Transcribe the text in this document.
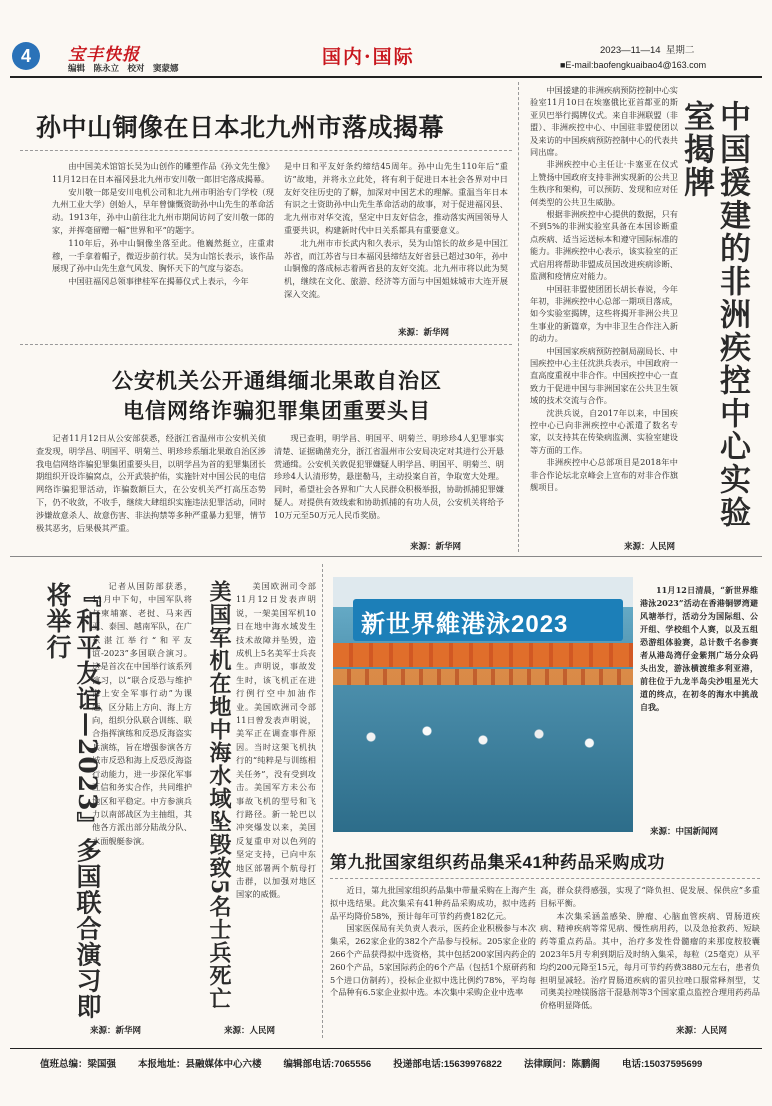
4	宝丰快报
编辑　陈永立　校对　窦蒙娜	国内·国际	2023—11—14 星期二
■E-mail:baofengkuaibao4@163.com
孙中山铜像在日本北九州市落成揭幕

由中国美术馆馆长吴为山创作的雕塑作品《孙文先生像》11月12日在日本福冈县北九州市安川敬一郎旧宅落成揭幕。

安川敬一郎是安川电机公司和北九州市明治专门学校（现九州工业大学）创始人，早年曾慷慨资助孙中山先生的革命活动。1913年，孙中山前往北九州市期间访问了安川敬一郎的家，并挥毫留赠一幅“世界和平”的题字。

110年后，孙中山铜像坐落至此。他巍然挺立，庄重肃穆，一手拿着帽子，微迈步前行状。吴为山馆长表示，该作品展现了孙中山先生意气风发、胸怀天下的气度与姿态。

中国驻福冈总领事律桂军在揭幕仪式上表示，今年

是中日和平友好条约缔结45周年。孙中山先生110年后“重访”故地，并将永立此处，将有利于促进日本社会各界对中日友好交往历史的了解，加深对中国艺术的理解。重温当年日本有识之士资助孙中山先生革命活动的故事，对于促进福冈县、北九州市对华交流，坚定中日友好信念，推动落实两国领导人重要共识，构建新时代中日关系都具有重要意义。

北九州市市长武内和久表示，吴为山馆长的故乡是中国江苏省，而江苏省与日本福冈县缔结友好省县已超过30年，孙中山铜像的落成标志着两省县的友好交流。北九州市将以此为契机，继续在文化、旅游、经济等方面与中国姐妹城市大连开展深入交流。

来源：新华网
公安机关公开通缉缅北果敢自治区
电信网络诈骗犯罪集团重要头目

记者11月12日从公安部获悉，经浙江省温州市公安机关侦查发现，明学昌、明国平、明菊兰、明珍珍系缅北果敢自治区涉我电信网络诈骗犯罪集团重要头目，以明学昌为首的犯罪集团长期组织开设诈骗窝点，公开武装护佑，实施针对中国公民的电信网络诈骗犯罪活动，诈骗数额巨大，在公安机关严打高压态势下，仍不收敛，不收手，继续大肆组织实施违法犯罪活动，同时涉嫌故意杀人、故意伤害、非法拘禁等多种严重暴力犯罪，情节极其恶劣，后果极其严重。

现已查明，明学昌、明国平、明菊兰、明珍珍4人犯罪事实清楚、证据确凿充分，浙江省温州市公安局决定对其进行公开悬赏通缉。公安机关敦促犯罪嫌疑人明学昌、明国平、明菊兰、明珍珍4人认清形势，悬崖勒马，主动投案自首，争取宽大处理。同时，希望社会各界和广大人民群众积极举报，协助抓捕犯罪嫌疑人。对提供有效线索和协助抓捕的有功人员，公安机关将给予10万元至50万元人民币奖励。

来源：新华网

中国援建的非洲疾病预防控制中心实验室11月10日在埃塞俄比亚首都亚的斯亚贝巴举行揭牌仪式。来自非洲联盟（非盟）、非洲疾控中心、中国驻非盟使团以及来访的中国疾病预防控制中心的代表共同出席。

非洲疾控中心主任让·卡塞亚在仪式上赞扬中国政府支持非洲实现新的公共卫生秩序和架构，可以预防、发现和应对任何类型的公共卫生威胁。

根据非洲疾控中心提供的数据，只有不到5%的非洲实验室具备在本国诊断重点疾病、适当运送标本和遵守国际标准的能力。非洲疾控中心表示，该实验室的正式启用将帮助非盟成员国改进疾病诊断、监测和疫情应对能力。

中国驻非盟使团团长胡长春说，今年年初，非洲疾控中心总部一期项目落成，如今实验室揭牌，这些将揭开非洲公共卫生事业的新篇章，为中非卫生合作注入新的动力。

中国国家疾病预防控制局副局长、中国疾控中心主任沈洪兵表示，中国政府一直高度重视中非合作。中国疾控中心一直致力于促进中国与非洲国家在公共卫生领域的技术交流与合作。

沈洪兵说，自2017年以来，中国疾控中心已向非洲疾控中心派遣了数名专家，以支持其在传染病监测、实验室建设等方面的工作。

非洲疾控中心总部项目是2018年中非合作论坛北京峰会上宣布的对非合作旗舰项目。

来源：人民网
中国援建的非洲疾控中心实验室揭牌
『和平友谊—2023』多国联合演习即将举行	记者从国防部获悉，11月中下旬，中国军队将与柬埔寨、老挝、马来西亚、泰国、越南军队，在广东湛江举行“和平友谊-2023”多国联合演习。这是首次在中国举行该系列演习，以“联合反恐与维护海上安全军事行动”为课题，区分陆上方向、海上方向，组织分队联合训练、联合指挥演练和反恐反海盗实兵演练，旨在增强参演各方城市反恐和海上反恐反海盗行动能力，进一步深化军事互信和务实合作，共同维护地区和平稳定。中方参演兵力以南部战区为主抽组，其他各方派出部分陆战分队、水面舰艇参演。

来源：新华网
美国军机在地中海水域坠毁致5名士兵死亡	美国欧洲司令部11月12日发表声明说，一架美国军机10日在地中海水域发生技术故障并坠毁，造成机上5名美军士兵丧生。声明说，事故发生时，该飞机正在进行例行空中加油作业。美国欧洲司令部11日曾发表声明说，美军正在调查事件原因。当时这架飞机执行的“纯粹是与训练相关任务”，没有受到攻击。美国军方未公布事故飞机的型号和飞行路径。新一轮巴以冲突爆发以来，美国反复重申对以色列的坚定支持，已向中东地区部署两个航母打击群，以加强对地区国家的威慑。

来源：人民网
新世界維港泳2023

11月12日清晨，“新世界维港泳2023”活动在香港铜锣湾避风塘举行，活动分为国际组、公开组、学校组个人赛，以及五组恐游组体验赛，总计数千名参赛者从港岛湾仔金紫荆广场分众码头出发，游泳横渡维多利亚港，前往位于九龙半岛尖沙咀星光大道的终点，在初冬的海水中挑战自我。

来源：中国新闻网
第九批国家组织药品集采41种药品采购成功

近日，第九批国家组织药品集中带量采购在上海产生拟中选结果。此次集采有41种药品采购成功，拟中选药品平均降价58%，预计每年可节约药费182亿元。

国家医保局有关负责人表示，医药企业积极参与本次集采，262家企业的382个产品参与投标。205家企业的266个产品获得拟中选资格，其中包括200家国内药企的260个产品，5家国际药企的6个产品（包括1个原研药和5个进口仿制药），投标企业拟中选比例约78%，平均每个品种有6.5家企业拟中选。本次集中采购企业中选率

高，群众获得感强，实现了“降负担、促发展、保供应”多重目标平衡。

本次集采涵盖感染、肿瘤、心脑血管疾病、胃肠道疾病、精神疾病等常见病、慢性病用药，以及急抢救药、短缺药等重点药品。其中，治疗多发性骨髓瘤的来那度胺胶囊2023年5月专利到期后及时纳入集采，每粒（25毫克）从平均约200元降至15元，每月可节约药费3880元左右，患者负担明显减轻。治疗胃肠道疾病的雷贝拉唑口服常释剂型，艾司奥美拉唑镁肠溶干混悬剂等3个国家重点监控合理用药药品价格明显降低。

来源：人民网
值班总编：梁国强 本报地址：县融媒体中心六楼 编辑部电话:7065556 投递部电话:15639976822 法律顾问：陈鹏阁 电话:15037595699
